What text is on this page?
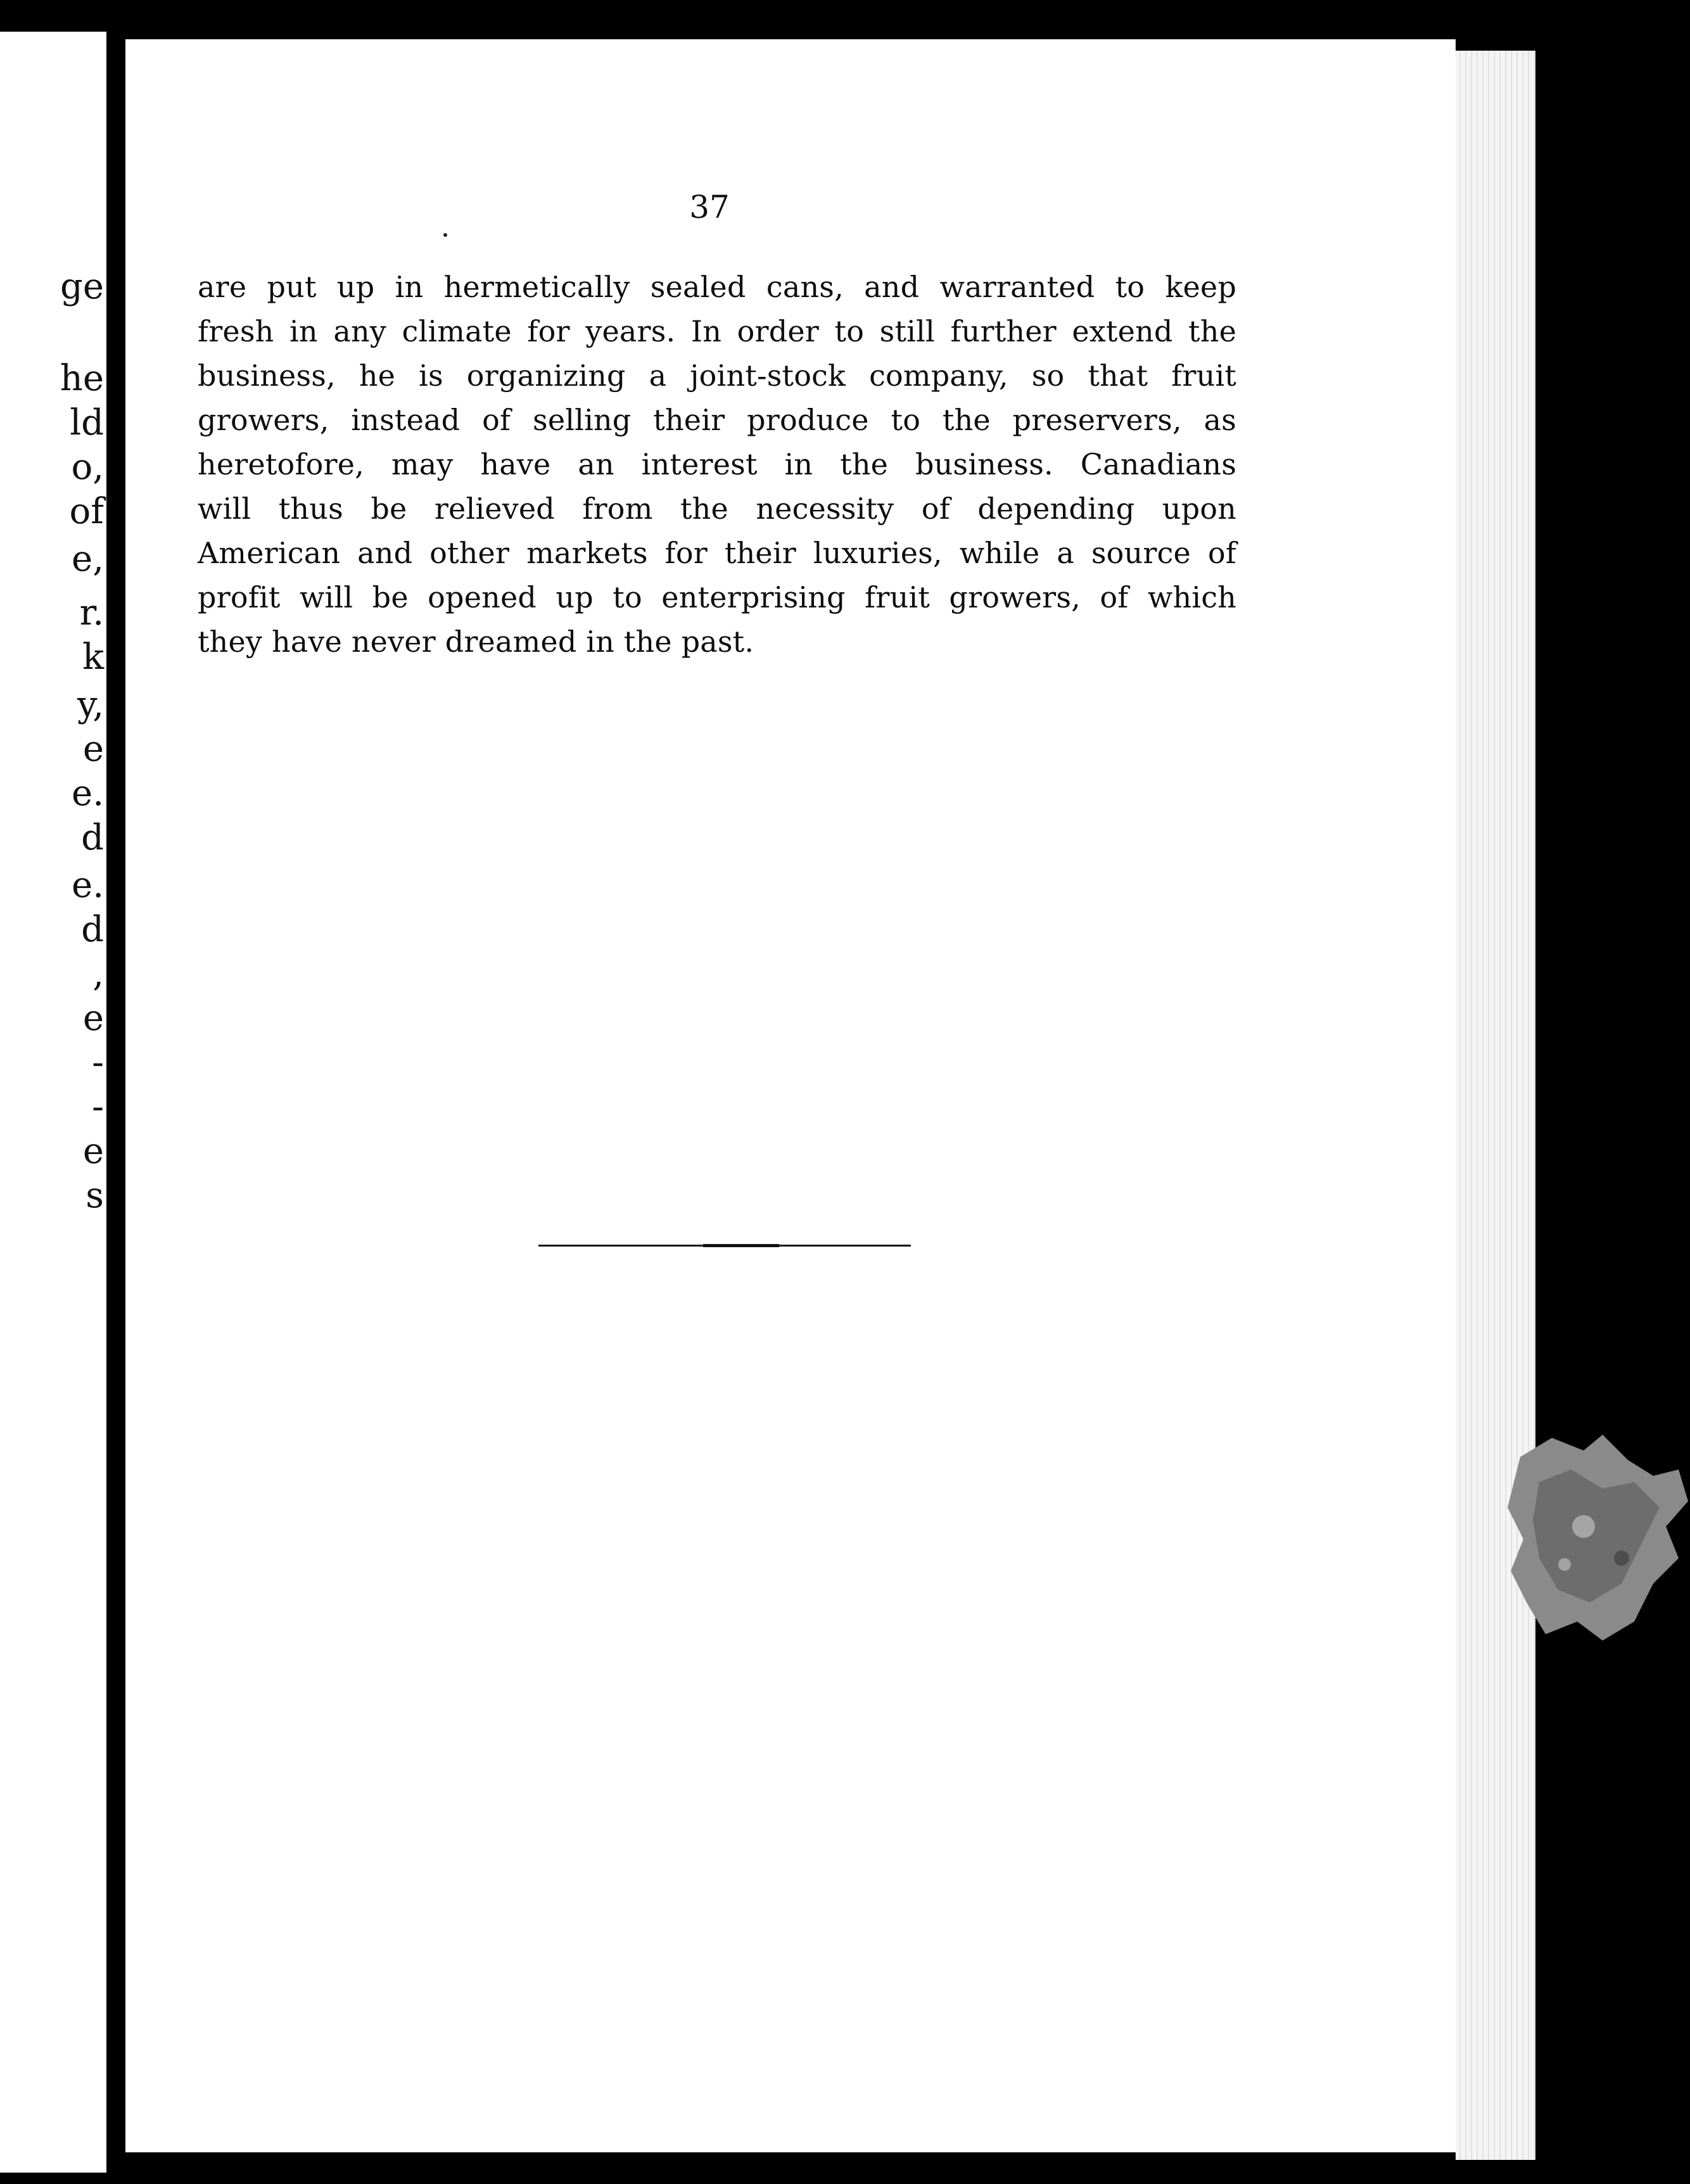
ge
he
ld
o,
of
e,
r.
k
y,
e
e.
d
e.
d
,
e
-
-
e
s

37

are put up in hermetically sealed cans, and warranted to keep
fresh in any climate for years. In order to still further extend the
business, he is organizing a joint-stock company, so that fruit
growers, instead of selling their produce to the preservers, as
heretofore, may have an interest in the business. Canadians
will thus be relieved from the necessity of depending upon
American and other markets for their luxuries, while a source of
profit will be opened up to enterprising fruit growers, of which
they have never dreamed in the past.
